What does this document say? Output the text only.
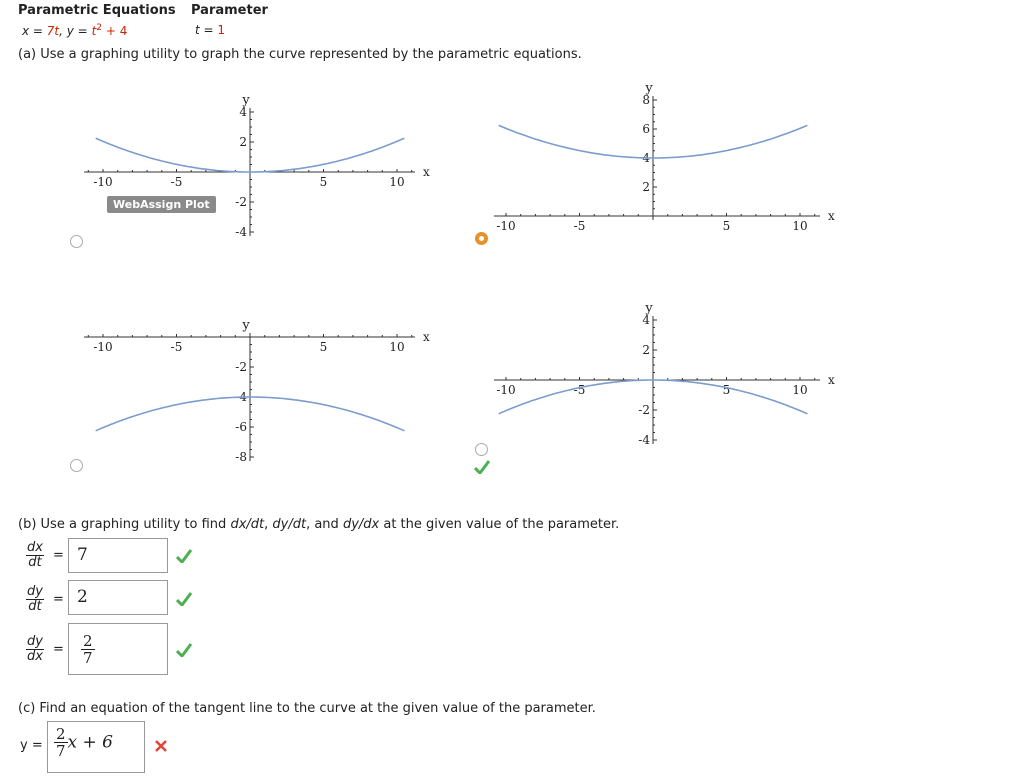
Parametric Equations Parameter
x = 7t, $y = t^2 + 4$	t = 1
(a) Use a graphing utility to graph the curve represented by the parametric equations.
-10	-5	5	10
x
-4
-2
2
4
y
-10	-5	5	10
x
2
4
6
8
y
-10	-5	5	10
x
-8
-6
-4
-2
y
-10	-5	5	10
x
-4
-2
2
4
y
WebAssign Plot
(b) Use a graphing utility to find dx/dt, dy/dt, and dy/dx at the given value of the parameter.
$\frac{dx}{dt} = 7$
$\frac{dy}{dt} = 2$
$\frac{dy}{dx} = \frac{2}{7}$
(c) Find an equation of the tangent line to the curve at the given value of the parameter.
$y = \frac{2}{7}$ x + 6
